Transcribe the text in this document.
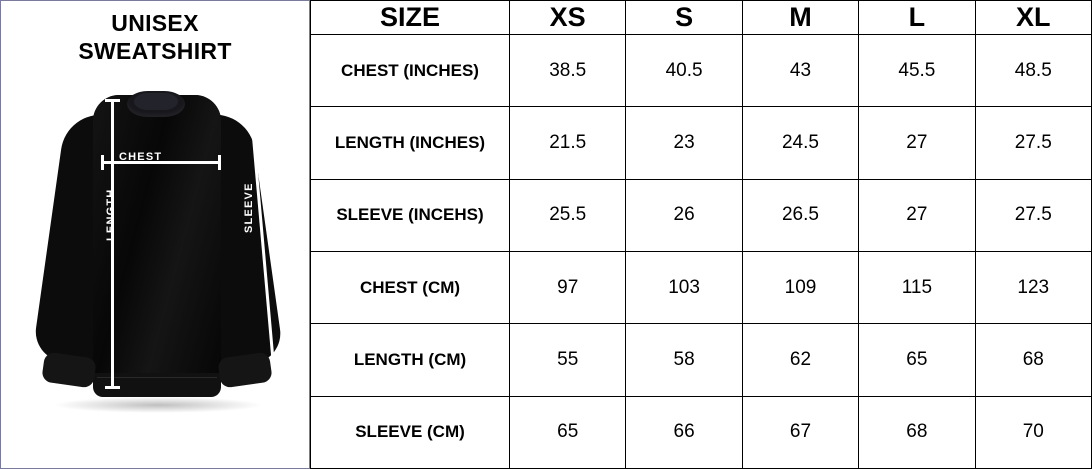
UNISEX
SWEATSHIRT
CHEST
LENGTH	SLEEVE
SIZE	XS	S	M	L	XL
CHEST (INCHES)	38.5	40.5	43	45.5	48.5
LENGTH (INCHES)	21.5	23	24.5	27	27.5
SLEEVE (INCEHS)	25.5	26	26.5	27	27.5
CHEST (CM)	97	103	109	115	123
LENGTH (CM)	55	58	62	65	68
SLEEVE (CM)	65	66	67	68	70
